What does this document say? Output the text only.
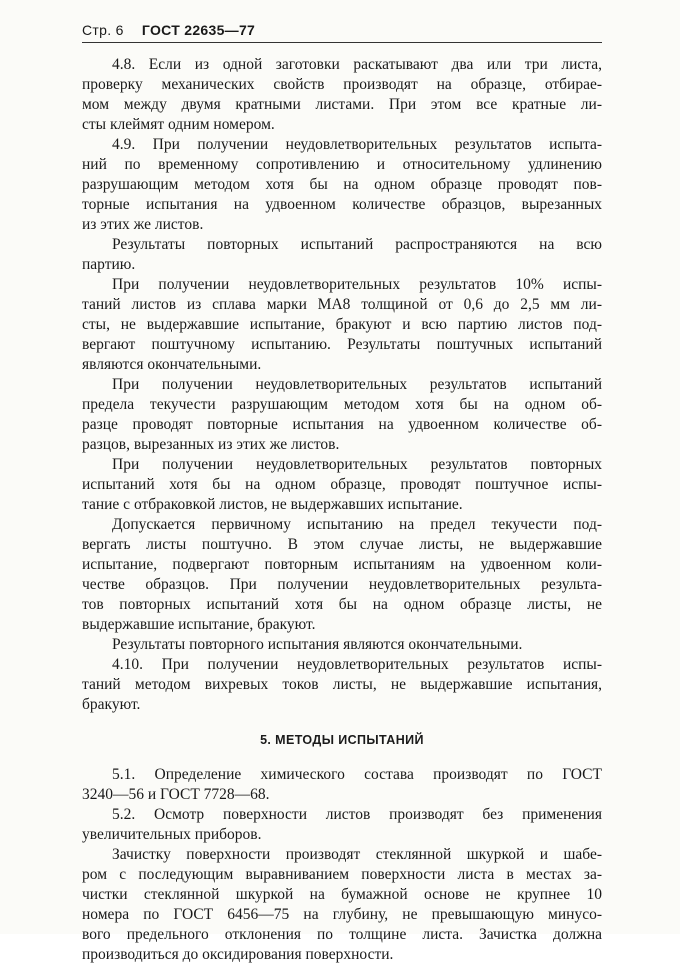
Стр. 6 ГОСТ 22635—77
4.8. Если из одной заготовки раскатывают два или три листа,
проверку механических свойств производят на образце, отбирае-
мом между двумя кратными листами. При этом все кратные ли-
сты клеймят одним номером.
4.9. При получении неудовлетворительных результатов испыта-
ний по временному сопротивлению и относительному удлинению
разрушающим методом хотя бы на одном образце проводят пов-
торные испытания на удвоенном количестве образцов, вырезанных
из этих же листов.
Результаты повторных испытаний распространяются на всю
партию.
При получении неудовлетворительных результатов 10% испы-
таний листов из сплава марки МА8 толщиной от 0,6 до 2,5 мм ли-
сты, не выдержавшие испытание, бракуют и всю партию листов под-
вергают поштучному испытанию. Результаты поштучных испытаний
являются окончательными.
При получении неудовлетворительных результатов испытаний
предела текучести разрушающим методом хотя бы на одном об-
разце проводят повторные испытания на удвоенном количестве об-
разцов, вырезанных из этих же листов.
При получении неудовлетворительных результатов повторных
испытаний хотя бы на одном образце, проводят поштучное испы-
тание с отбраковкой листов, не выдержавших испытание.
Допускается первичному испытанию на предел текучести под-
вергать листы поштучно. В этом случае листы, не выдержавшие
испытание, подвергают повторным испытаниям на удвоенном коли-
честве образцов. При получении неудовлетворительных результа-
тов повторных испытаний хотя бы на одном образце листы, не
выдержавшие испытание, бракуют.
Результаты повторного испытания являются окончательными.
4.10. При получении неудовлетворительных результатов испы-
таний методом вихревых токов листы, не выдержавшие испытания,
бракуют.
5. МЕТОДЫ ИСПЫТАНИЙ
5.1. Определение химического состава производят по ГОСТ
3240—56 и ГОСТ 7728—68.
5.2. Осмотр поверхности листов производят без применения
увеличительных приборов.
Зачистку поверхности производят стеклянной шкуркой и шабе-
ром с последующим выравниванием поверхности листа в местах за-
чистки стеклянной шкуркой на бумажной основе не крупнее 10
номера по ГОСТ 6456—75 на глубину, не превышающую минусо-
вого предельного отклонения по толщине листа. Зачистка должна
производиться до оксидирования поверхности.
